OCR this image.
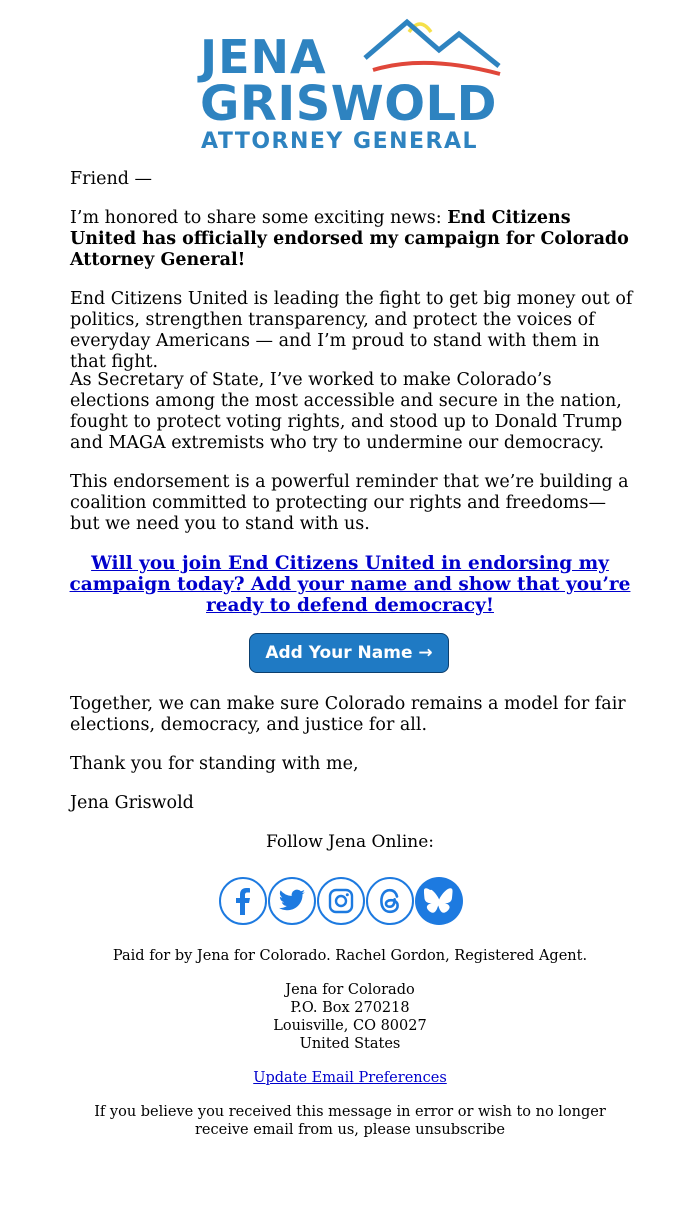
JENA
GRISWOLD
ATTORNEY GENERAL

Friend —

I’m honored to share some exciting news: End Citizens United has officially endorsed my campaign for Colorado Attorney General!

End Citizens United is leading the fight to get big money out of politics, strengthen transparency, and protect the voices of everyday Americans — and I’m proud to stand with them in that fight.

As Secretary of State, I’ve worked to make Colorado’s elections among the most accessible and secure in the nation, fought to protect voting rights, and stood up to Donald Trump and MAGA extremists who try to undermine our democracy.

This endorsement is a powerful reminder that we’re building a coalition committed to protecting our rights and freedoms— but we need you to stand with us.

Will you join End Citizens United in endorsing my campaign today? Add your name and show that you’re ready to defend democracy!
Add Your Name →

Together, we can make sure Colorado remains a model for fair elections, democracy, and justice for all.

Thank you for standing with me,

Jena Griswold

Follow Jena Online:
Paid for by Jena for Colorado. Rachel Gordon, Registered Agent.
Jena for Colorado
P.O. Box 270218
Louisville, CO 80027
United States
Update Email Preferences
If you believe you received this message in error or wish to no longer receive email from us, please unsubscribe
